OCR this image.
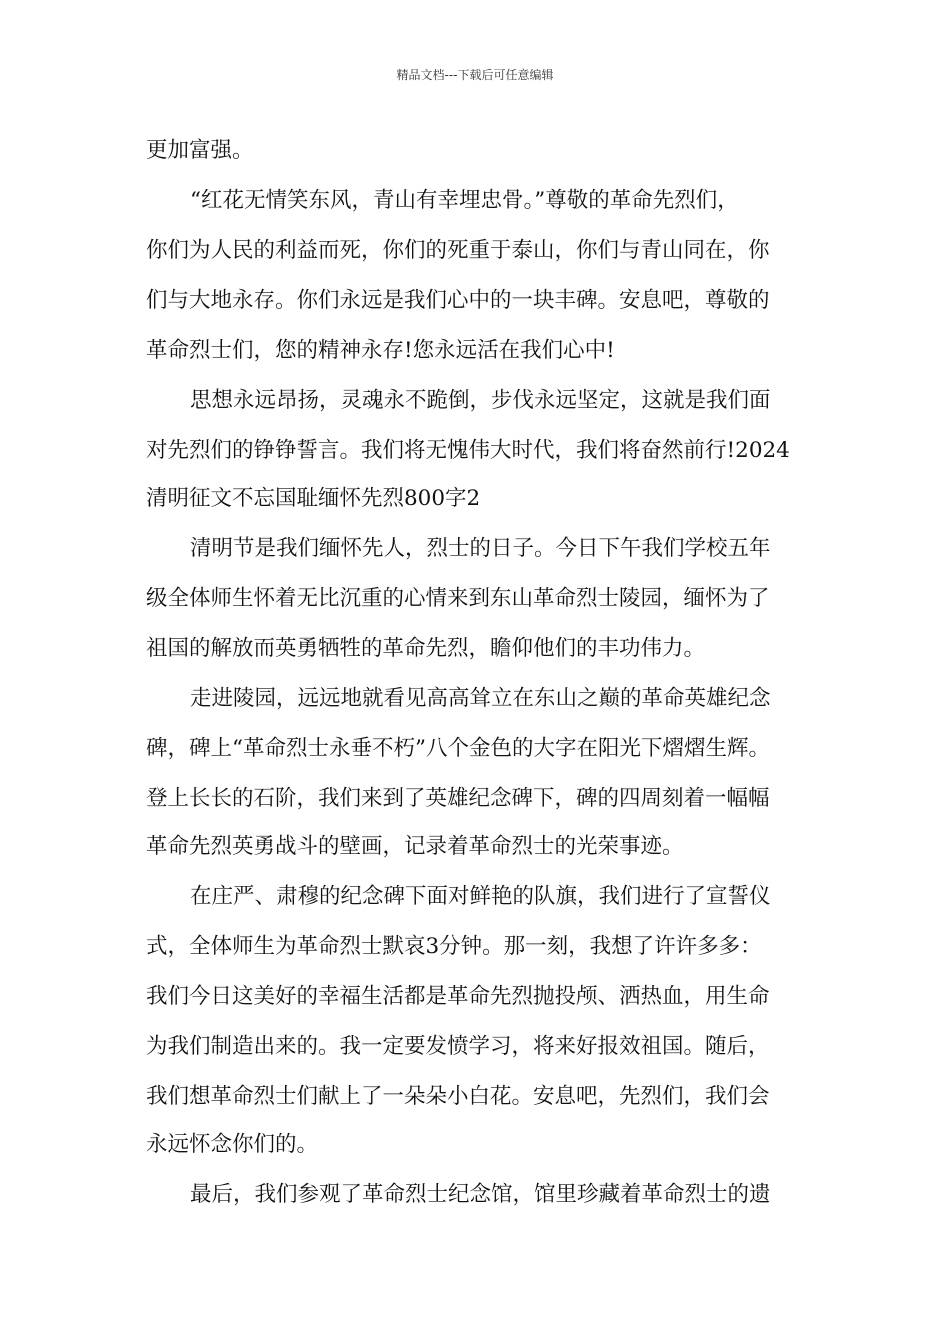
精品文档---下载后可任意编辑
更加富强。
“红花无情笑东风，青山有幸埋忠骨。”尊敬的革命先烈们，
你们为人民的利益而死，你们的死重于泰山，你们与青山同在，你
们与大地永存。你们永远是我们心中的一块丰碑。安息吧，尊敬的
革命烈士们，您的精神永存!您永远活在我们心中!
思想永远昂扬，灵魂永不跪倒，步伐永远坚定，这就是我们面
对先烈们的铮铮誓言。我们将无愧伟大时代，我们将奋然前行!2024
清明征文不忘国耻缅怀先烈800字2
清明节是我们缅怀先人，烈士的日子。今日下午我们学校五年
级全体师生怀着无比沉重的心情来到东山革命烈士陵园，缅怀为了
祖国的解放而英勇牺牲的革命先烈，瞻仰他们的丰功伟力。
走进陵园，远远地就看见高高耸立在东山之巅的革命英雄纪念
碑，碑上“革命烈士永垂不朽”八个金色的大字在阳光下熠熠生辉。
登上长长的石阶，我们来到了英雄纪念碑下，碑的四周刻着一幅幅
革命先烈英勇战斗的壁画，记录着革命烈士的光荣事迹。
在庄严、肃穆的纪念碑下面对鲜艳的队旗，我们进行了宣誓仪
式，全体师生为革命烈士默哀3分钟。那一刻，我想了许许多多：
我们今日这美好的幸福生活都是革命先烈抛投颅、洒热血，用生命
为我们制造出来的。我一定要发愤学习，将来好报效祖国。随后，
我们想革命烈士们献上了一朵朵小白花。安息吧，先烈们，我们会
永远怀念你们的。
最后，我们参观了革命烈士纪念馆，馆里珍藏着革命烈士的遗
